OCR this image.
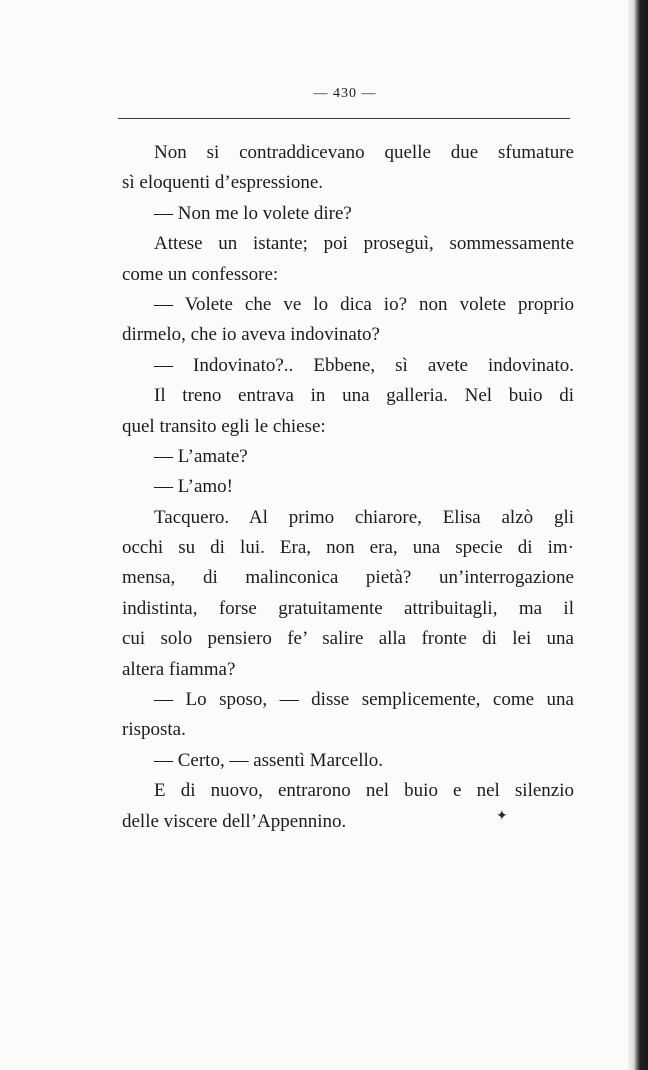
— 430 —
Non si contraddicevano quelle due sfumature
sì eloquenti d’espressione.
— Non me lo volete dire?
Attese un istante; poi proseguì, sommessamente
come un confessore:
— Volete che ve lo dica io? non volete proprio
dirmelo, che io aveva indovinato?
— Indovinato?.. Ebbene, sì avete indovinato.
Il treno entrava in una galleria. Nel buio di
quel transito egli le chiese:
— L’amate?
— L’amo!
Tacquero. Al primo chiarore, Elisa alzò gli
occhi su di lui. Era, non era, una specie di im·
mensa, di malinconica pietà? un’interrogazione
indistinta, forse gratuitamente attribuitagli, ma il
cui solo pensiero fe’ salire alla fronte di lei una
altera fiamma?
— Lo sposo, — disse semplicemente, come una
risposta.
— Certo, — assentì Marcello.
E di nuovo, entrarono nel buio e nel silenzio
delle viscere dell’Appennino.	✦
